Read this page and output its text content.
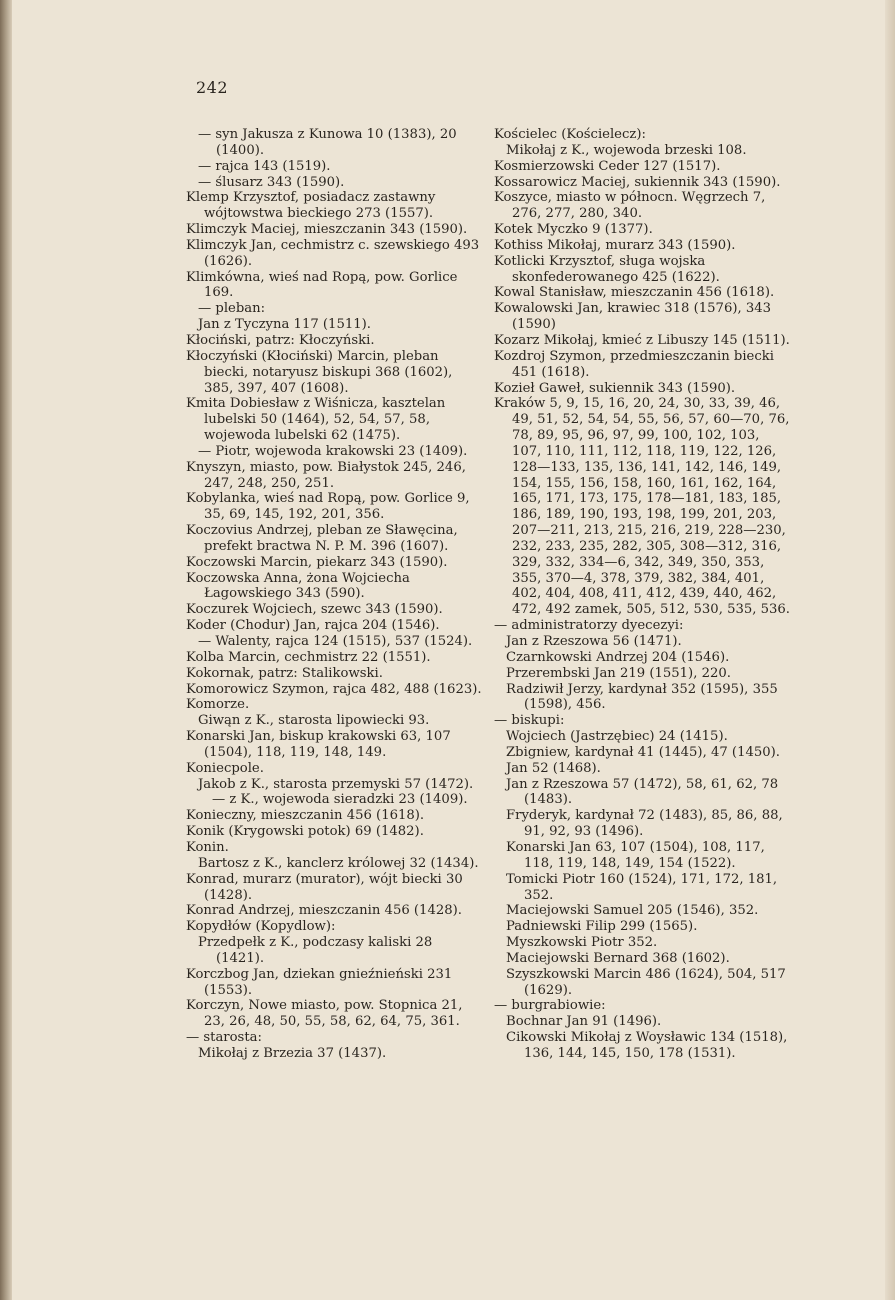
242
— syn Jakusza z Kunowa 10 (1383), 20 (1400).
— rajca 143 (1519).
— ślusarz 343 (1590).
Klemp Krzysztof, posiadacz zastawny wójtowstwa bieckiego 273 (1557).
Klimczyk Maciej, mieszczanin 343 (1590).
Klimczyk Jan, cechmistrz c. szewskiego 493 (1626).
Klimkówna, wieś nad Ropą, pow. Gorlice 169.
— pleban:
Jan z Tyczyna 117 (1511).
Kłociński, patrz: Kłoczyński.
Kłoczyński (Kłociński) Marcin, pleban biecki, notaryusz biskupi 368 (1602), 385, 397, 407 (1608).
Kmita Dobiesław z Wiśnicza, kasztelan lubelski 50 (1464), 52, 54, 57, 58, wojewoda lubelski 62 (1475).
— Piotr, wojewoda krakowski 23 (1409).
Knyszyn, miasto, pow. Białystok 245, 246, 247, 248, 250, 251.
Kobylanka, wieś nad Ropą, pow. Gorlice 9, 35, 69, 145, 192, 201, 356.
Koczovius Andrzej, pleban ze Sławęcina, prefekt bractwa N. P. M. 396 (1607).
Koczowski Marcin, piekarz 343 (1590).
Koczowska Anna, żona Wojciecha Łagowskiego 343 (590).
Koczurek Wojciech, szewc 343 (1590).
Koder (Chodur) Jan, rajca 204 (1546).
— Walenty, rajca 124 (1515), 537 (1524).
Kolba Marcin, cechmistrz 22 (1551).
Kokornak, patrz: Stalikowski.
Komorowicz Szymon, rajca 482, 488 (1623).
Komorze.
Giwąn z K., starosta lipowiecki 93.
Konarski Jan, biskup krakowski 63, 107 (1504), 118, 119, 148, 149.
Koniecpole.
Jakob z K., starosta przemyski 57 (1472).
— z K., wojewoda sieradzki 23 (1409).
Konieczny, mieszczanin 456 (1618).
Konik (Krygowski potok) 69 (1482).
Konin.
Bartosz z K., kanclerz królowej 32 (1434).
Konrad, murarz (murator), wójt biecki 30 (1428).
Konrad Andrzej, mieszczanin 456 (1428).
Kopydłów (Kopydlow):
Przedpełk z K., podczasy kaliski 28 (1421).
Korczbog Jan, dziekan gnieźnieński 231 (1553).
Korczyn, Nowe miasto, pow. Stopnica 21, 23, 26, 48, 50, 55, 58, 62, 64, 75, 361.
— starosta:
Mikołaj z Brzezia 37 (1437).
Kościelec (Kościelecz):
Mikołaj z K., wojewoda brzeski 108.
Kosmierzowski Ceder 127 (1517).
Kossarowicz Maciej, sukiennik 343 (1590).
Koszyce, miasto w północn. Węgrzech 7, 276, 277, 280, 340.
Kotek Myczko 9 (1377).
Kothiss Mikołaj, murarz 343 (1590).
Kotlicki Krzysztof, sługa wojska skonfederowanego 425 (1622).
Kowal Stanisław, mieszczanin 456 (1618).
Kowalowski Jan, krawiec 318 (1576), 343 (1590)
Kozarz Mikołaj, kmieć z Libuszy 145 (1511).
Kozdroj Szymon, przedmieszczanin biecki 451 (1618).
Kozieł Gaweł, sukiennik 343 (1590).
Kraków 5, 9, 15, 16, 20, 24, 30, 33, 39, 46, 49, 51, 52, 54, 54, 55, 56, 57, 60—70, 76, 78, 89, 95, 96, 97, 99, 100, 102, 103, 107, 110, 111, 112, 118, 119, 122, 126, 128—133, 135, 136, 141, 142, 146, 149, 154, 155, 156, 158, 160, 161, 162, 164, 165, 171, 173, 175, 178—181, 183, 185, 186, 189, 190, 193, 198, 199, 201, 203, 207—211, 213, 215, 216, 219, 228—230, 232, 233, 235, 282, 305, 308—312, 316, 329, 332, 334—6, 342, 349, 350, 353, 355, 370—4, 378, 379, 382, 384, 401, 402, 404, 408, 411, 412, 439, 440, 462, 472, 492 zamek, 505, 512, 530, 535, 536.
— administratorzy dyecezyi:
Jan z Rzeszowa 56 (1471).
Czarnkowski Andrzej 204 (1546).
Przerembski Jan 219 (1551), 220.
Radziwił Jerzy, kardynał 352 (1595), 355 (1598), 456.
— biskupi:
Wojciech (Jastrzębiec) 24 (1415).
Zbigniew, kardynał 41 (1445), 47 (1450).
Jan 52 (1468).
Jan z Rzeszowa 57 (1472), 58, 61, 62, 78 (1483).
Fryderyk, kardynał 72 (1483), 85, 86, 88, 91, 92, 93 (1496).
Konarski Jan 63, 107 (1504), 108, 117, 118, 119, 148, 149, 154 (1522).
Tomicki Piotr 160 (1524), 171, 172, 181, 352.
Maciejowski Samuel 205 (1546), 352.
Padniewski Filip 299 (1565).
Myszkowski Piotr 352.
Maciejowski Bernard 368 (1602).
Szyszkowski Marcin 486 (1624), 504, 517 (1629).
— burgrabiowie:
Bochnar Jan 91 (1496).
Cikowski Mikołaj z Woysławic 134 (1518), 136, 144, 145, 150, 178 (1531).
